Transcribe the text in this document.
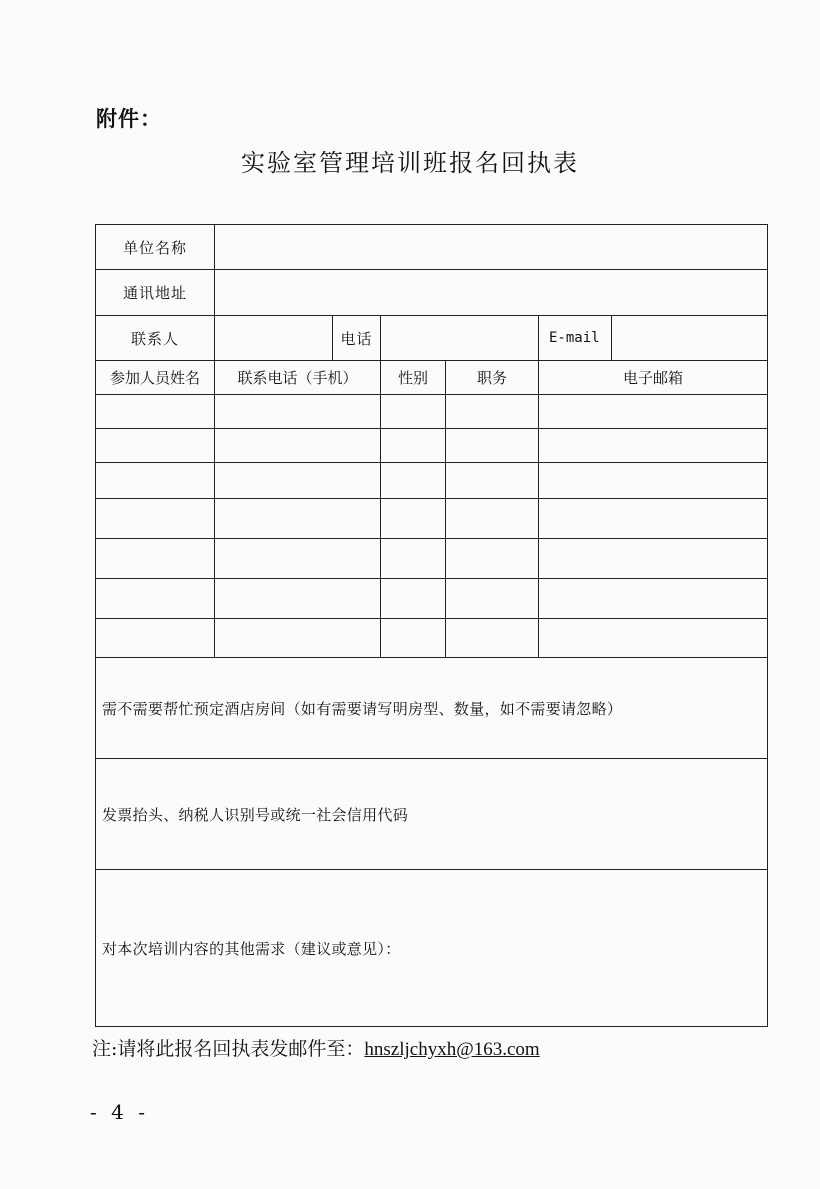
附件：
实验室管理培训班报名回执表
单位名称						
通讯地址						
联系人		电话			E-mail	
参加人员姓名	联系电话（手机）		性别	职务	电子邮箱	

需不需要帮忙预定酒店房间（如有需要请写明房型、数量，如不需要请忽略）						
发票抬头、纳税人识别号或统一社会信用代码						
对本次培训内容的其他需求（建议或意见）：						
注:请将此报名回执表发邮件至：hnszljchyxh@163.com
- 4 -
